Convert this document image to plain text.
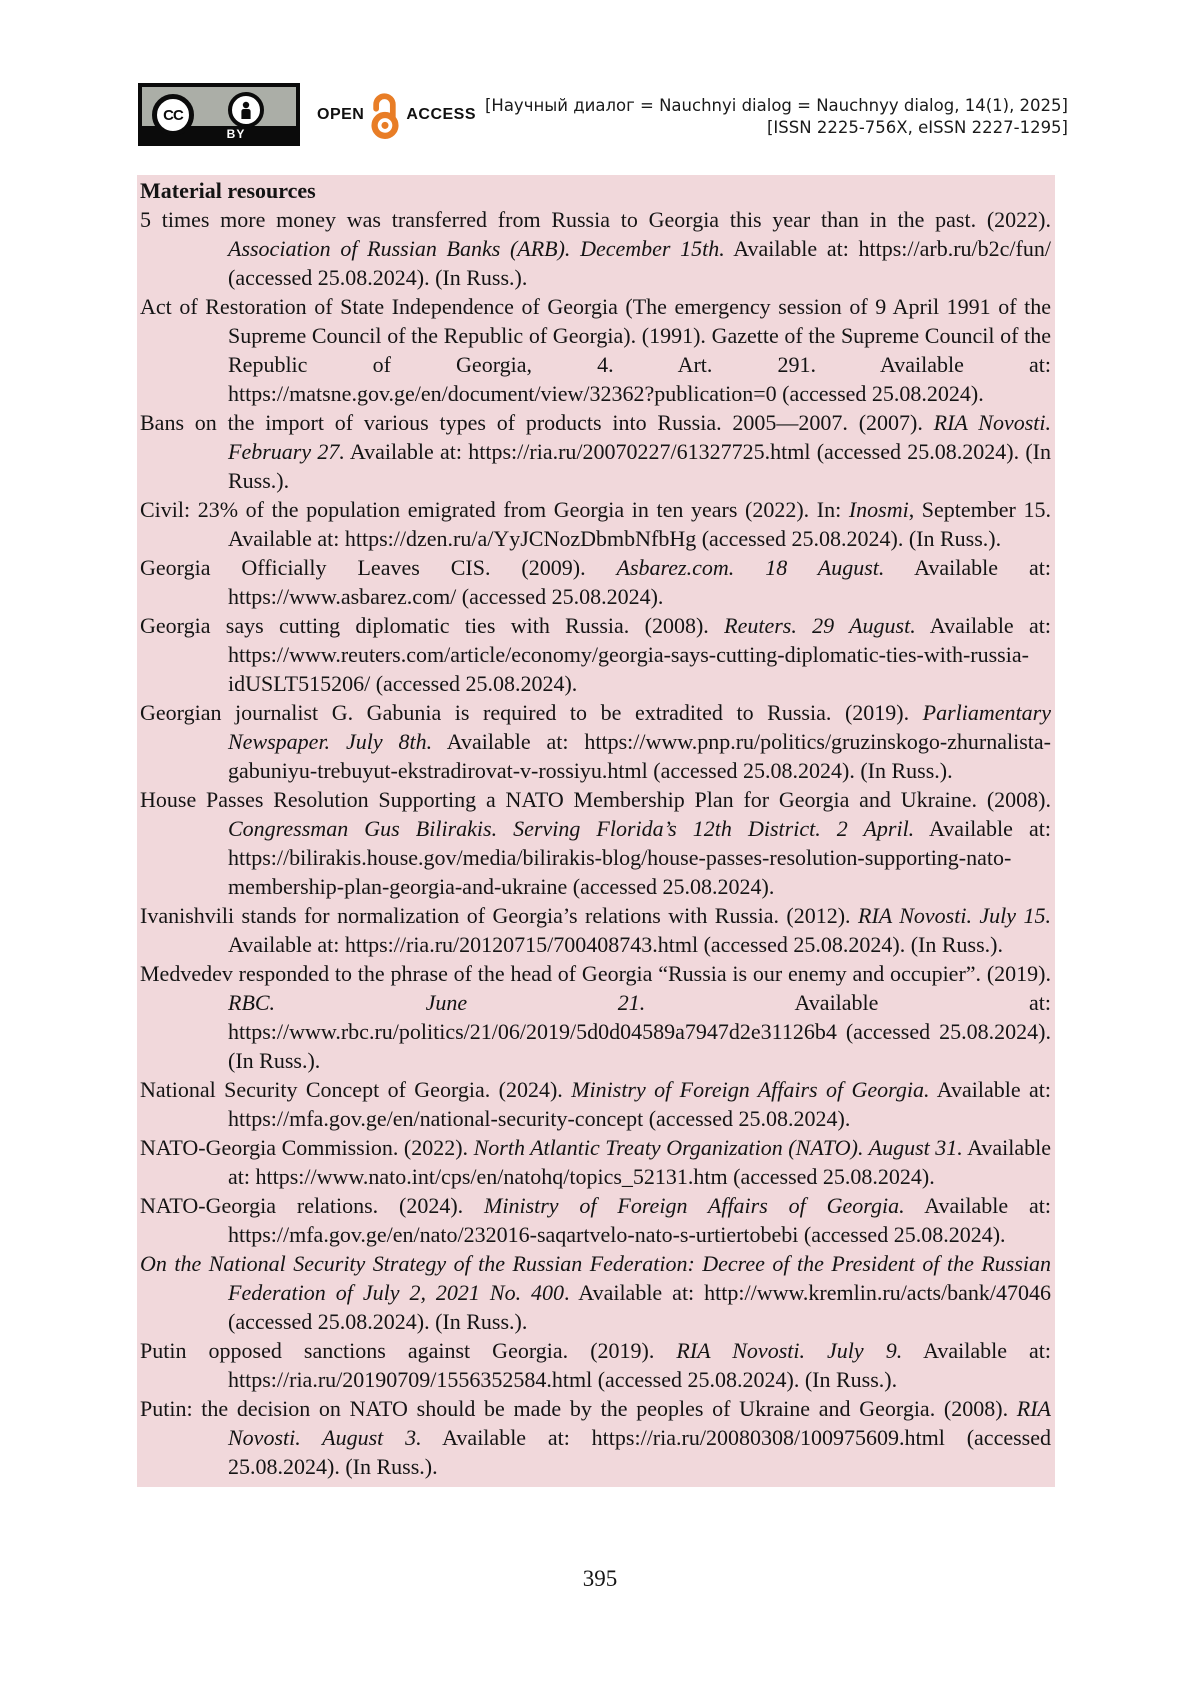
CC
BY
OPEN	ACCESS [Научный диалог = Nauchnyi dialog = Nauchnyy dialog, 14(1), 2025]
[ISSN 2225-756X, eISSN 2227-1295]

Material resources

5 times more money was transferred from Russia to Georgia this year than in the past. (2022). Association of Russian Banks (ARB). December 15th. Available at: https://arb.ru/b2c/fun/ (accessed 25.08.2024). (In Russ.).

Act of Restoration of State Independence of Georgia (The emergency session of 9 April 1991 of the Supreme Council of the Republic of Georgia). (1991). Gazette of the Supreme Council of the Republic of Georgia, 4. Art. 291. Available at: https://matsne.gov.ge/en/document/view/32362?publication=0 (accessed 25.08.2024).

Bans on the import of various types of products into Russia. 2005—2007. (2007). RIA Novosti. February 27. Available at: https://ria.ru/20070227/61327725.html (accessed 25.08.2024). (In Russ.).

Civil: 23% of the population emigrated from Georgia in ten years (2022). In: Inosmi, September 15. Available at: https://dzen.ru/a/YyJCNozDbmbNfbHg (accessed 25.08.2024). (In Russ.).

Georgia Officially Leaves CIS. (2009). Asbarez.com. 18 August. Available at: https://www.asbarez.com/ (accessed 25.08.2024).

Georgia says cutting diplomatic ties with Russia. (2008). Reuters. 29 August. Available at: https://www.reuters.com/article/economy/georgia-says-cutting-diplomatic-ties-with-russia-idUSLT515206/ (accessed 25.08.2024).

Georgian journalist G. Gabunia is required to be extradited to Russia. (2019). Parliamentary Newspaper. July 8th. Available at: https://www.pnp.ru/politics/gruzinskogo-zhurnalista-gabuniyu-trebuyut-ekstradirovat-v-rossiyu.html (accessed 25.08.2024). (In Russ.).

House Passes Resolution Supporting a NATO Membership Plan for Georgia and Ukraine. (2008). Congressman Gus Bilirakis. Serving Florida’s 12th District. 2 April. Available at: https://bilirakis.house.gov/media/bilirakis-blog/house-passes-resolution-supporting-nato-membership-plan-georgia-and-ukraine (accessed 25.08.2024).

Ivanishvili stands for normalization of Georgia’s relations with Russia. (2012). RIA Novosti. July 15. Available at: https://ria.ru/20120715/700408743.html (accessed 25.08.2024). (In Russ.).

Medvedev responded to the phrase of the head of Georgia “Russia is our enemy and occupier”. (2019). RBC. June 21. Available at: https://www.rbc.ru/politics/21/06/2019/5d0d04589a7947d2e31126b4 (accessed 25.08.2024). (In Russ.).

National Security Concept of Georgia. (2024). Ministry of Foreign Affairs of Georgia. Available at: https://mfa.gov.ge/en/national-security-concept (accessed 25.08.2024).

NATO-Georgia Commission. (2022). North Atlantic Treaty Organization (NATO). August 31. Available at: https://www.nato.int/cps/en/natohq/topics_52131.htm (accessed 25.08.2024).

NATO-Georgia relations. (2024). Ministry of Foreign Affairs of Georgia. Available at: https://mfa.gov.ge/en/nato/232016-saqartvelo-nato-s-urtiertobebi (accessed 25.08.2024).

On the National Security Strategy of the Russian Federation: Decree of the President of the Russian Federation of July 2, 2021 No. 400. Available at: http://www.kremlin.ru/acts/bank/47046 (accessed 25.08.2024). (In Russ.).

Putin opposed sanctions against Georgia. (2019). RIA Novosti. July 9. Available at: https://ria.ru/20190709/1556352584.html (accessed 25.08.2024). (In Russ.).

Putin: the decision on NATO should be made by the peoples of Ukraine and Georgia. (2008). RIA Novosti. August 3. Available at: https://ria.ru/20080308/100975609.html (accessed 25.08.2024). (In Russ.).

395
